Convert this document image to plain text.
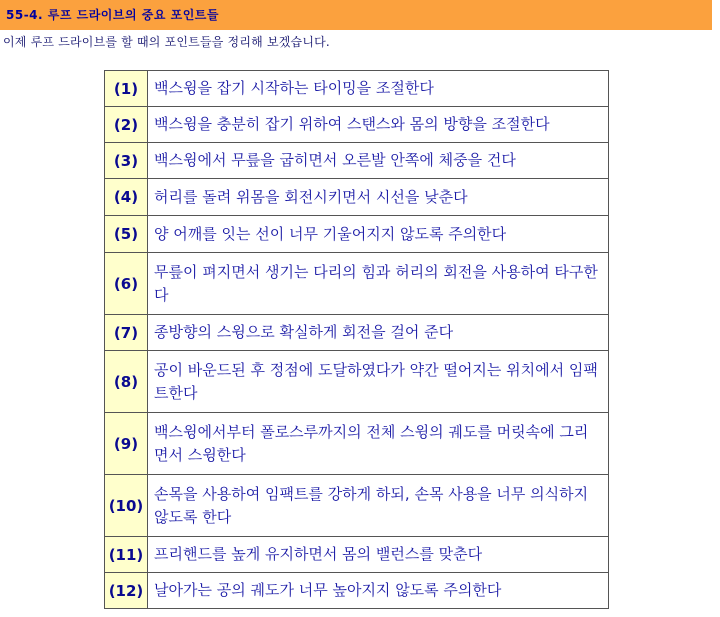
55-4. 루프 드라이브의 중요 포인트들
이제 루프 드라이브를 할 때의 포인트들을 정리해 보겠습니다.
(1)	백스윙을 잡기 시작하는 타이밍을 조절한다
(2)	백스윙을 충분히 잡기 위하여 스탠스와 몸의 방향을 조절한다
(3)	백스윙에서 무릎을 굽히면서 오른발 안쪽에 체중을 건다
(4)	허리를 돌려 위몸을 회전시키면서 시선을 낮춘다
(5)	양 어깨를 잇는 선이 너무 기울어지지 않도록 주의한다
(6)	무릎이 펴지면서 생기는 다리의 힘과 허리의 회전을 사용하여 타구한다
(7)	종방향의 스윙으로 확실하게 회전을 걸어 준다
(8)	공이 바운드된 후 정점에 도달하였다가 약간 떨어지는 위치에서 임팩트한다
(9)	백스윙에서부터 폴로스루까지의 전체 스윙의 궤도를 머릿속에 그리면서 스윙한다
(10)	손목을 사용하여 임팩트를 강하게 하되, 손목 사용을 너무 의식하지 않도록 한다
(11)	프리핸드를 높게 유지하면서 몸의 밸런스를 맞춘다
(12)	날아가는 공의 궤도가 너무 높아지지 않도록 주의한다
